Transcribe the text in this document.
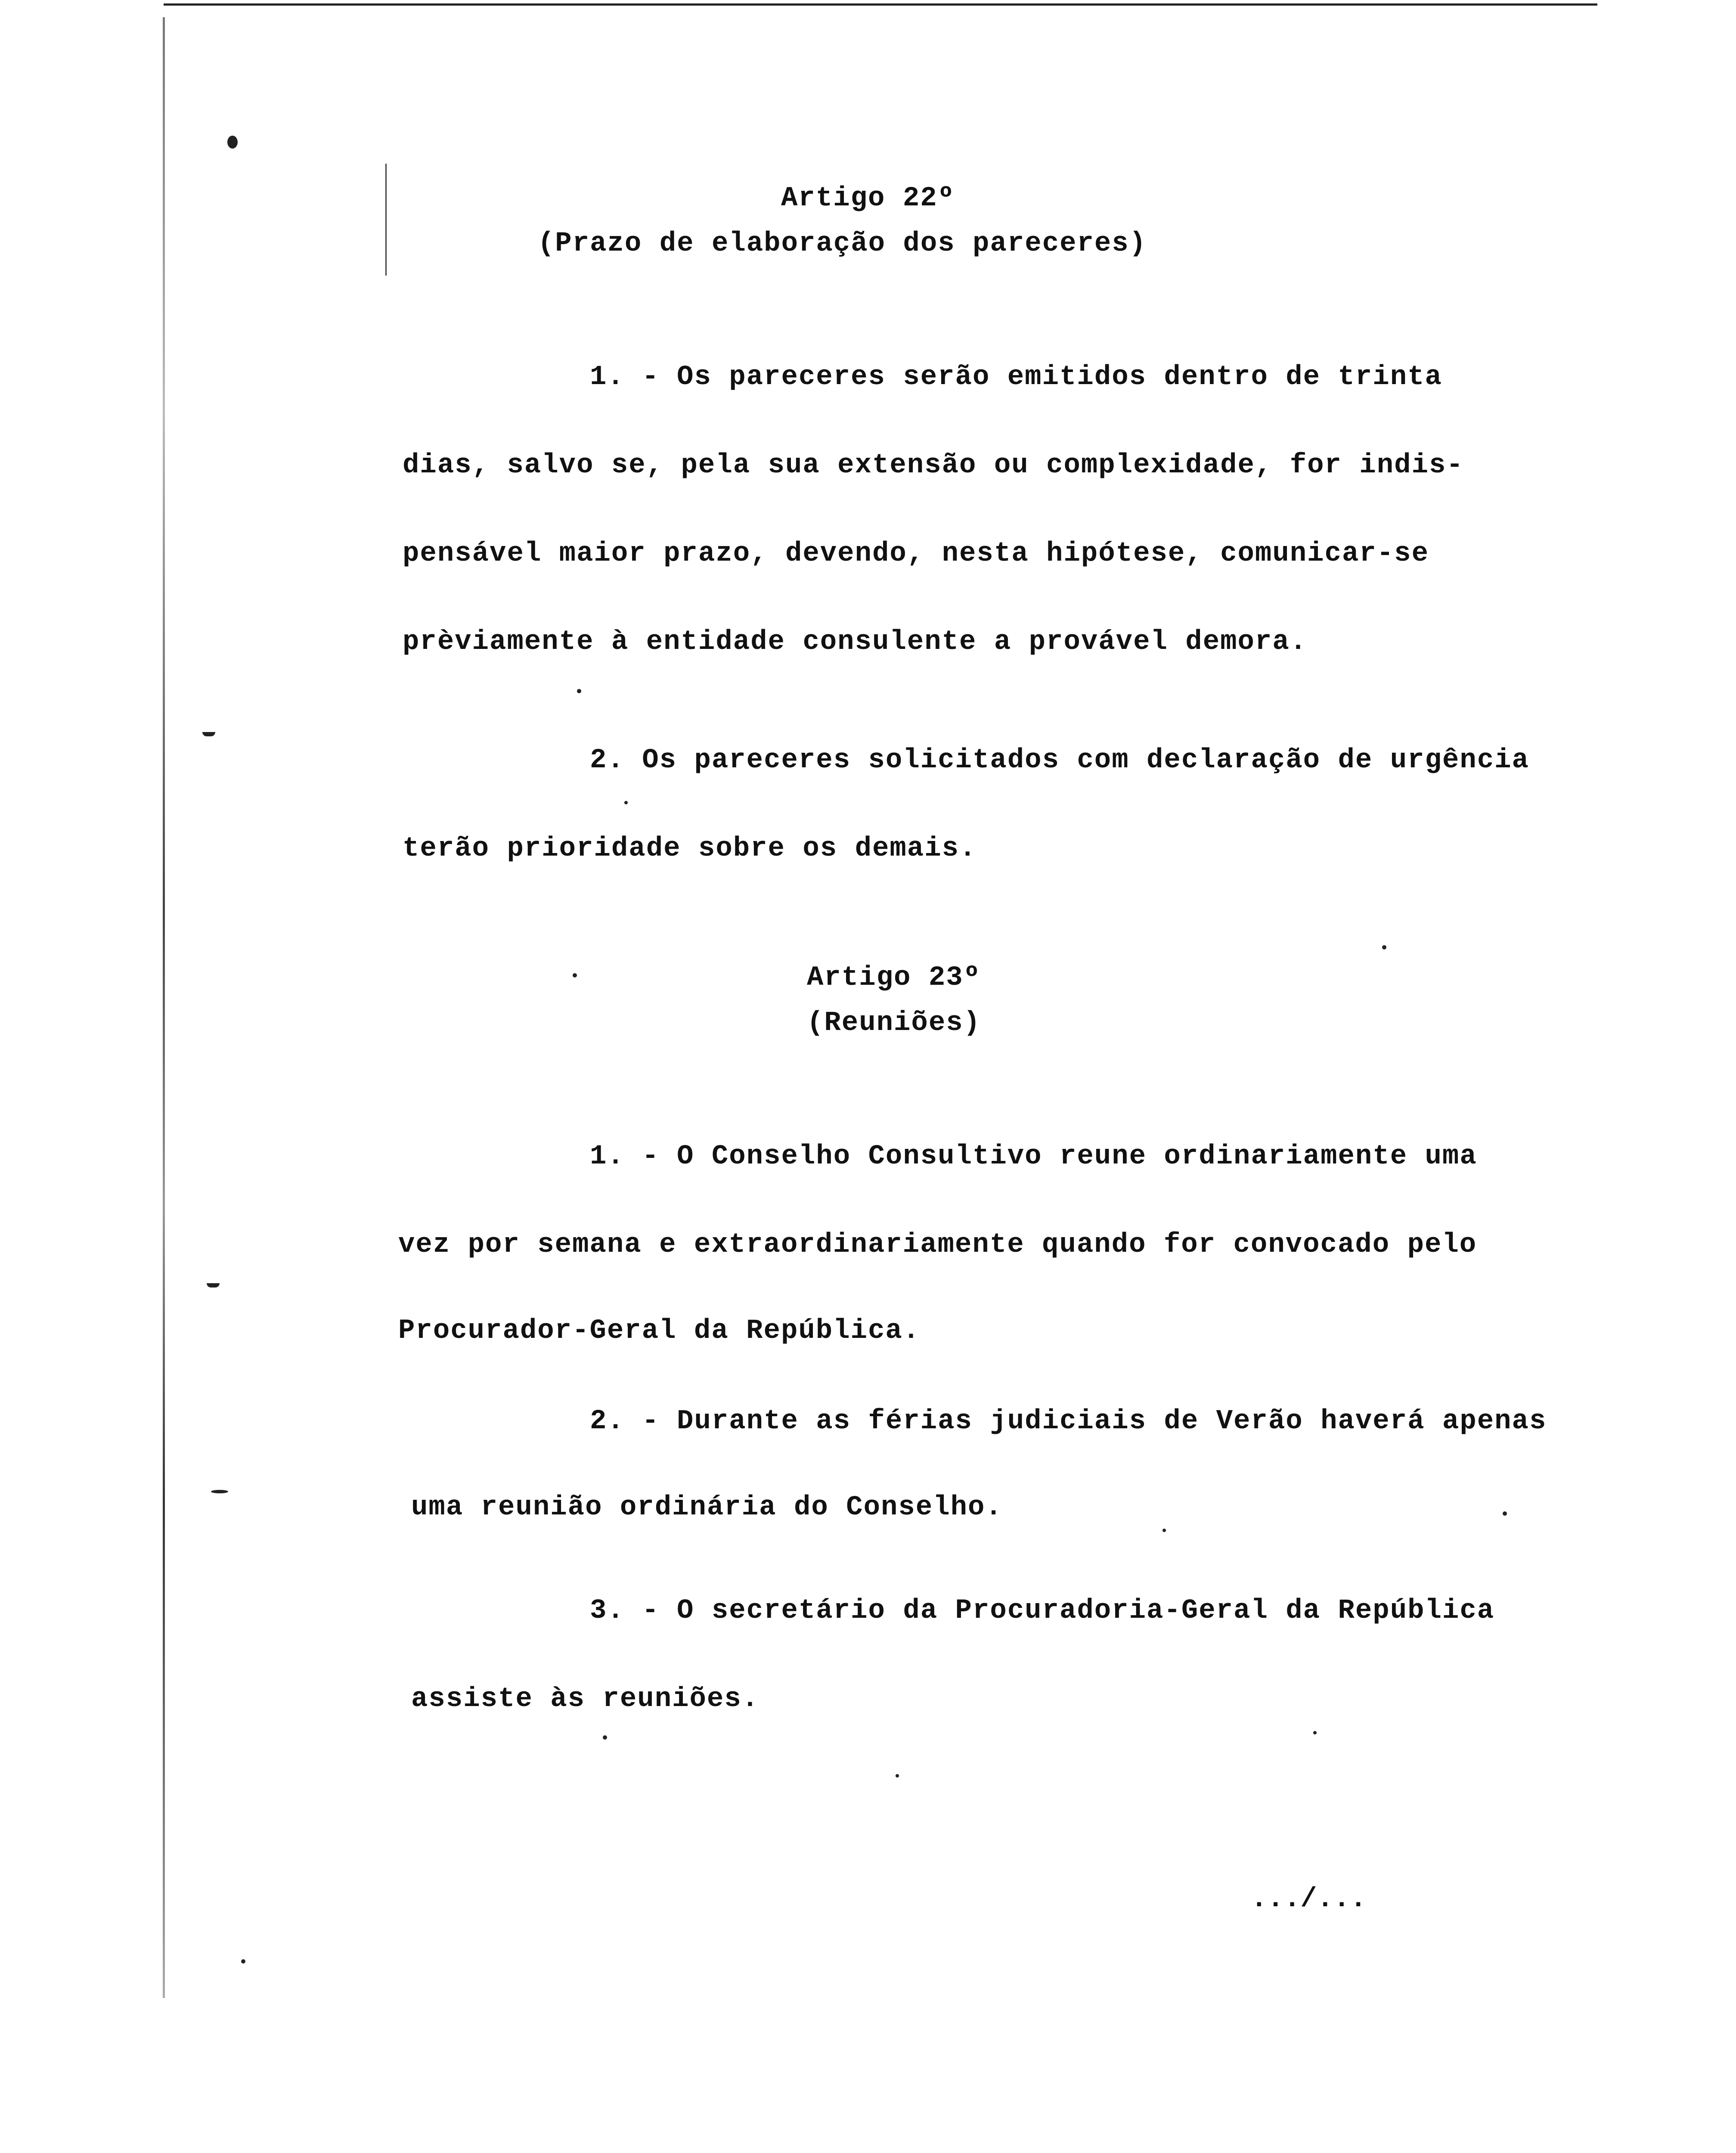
Artigo 22º
(Prazo de elaboração dos pareceres)
1. - Os pareceres serão emitidos dentro de trinta
dias, salvo se, pela sua extensão ou complexidade, for indis-
pensável maior prazo, devendo, nesta hipótese, comunicar-se
prèviamente à entidade consulente a provável demora.
2. Os pareceres solicitados com declaração de urgência
terão prioridade sobre os demais.
Artigo 23º
(Reuniões)
1. - O Conselho Consultivo reune ordinariamente uma
vez por semana e extraordinariamente quando for convocado pelo
Procurador-Geral da República.
2. - Durante as férias judiciais de Verão haverá apenas
uma reunião ordinária do Conselho.
3. - O secretário da Procuradoria-Geral da República
assiste às reuniões.
.../...
